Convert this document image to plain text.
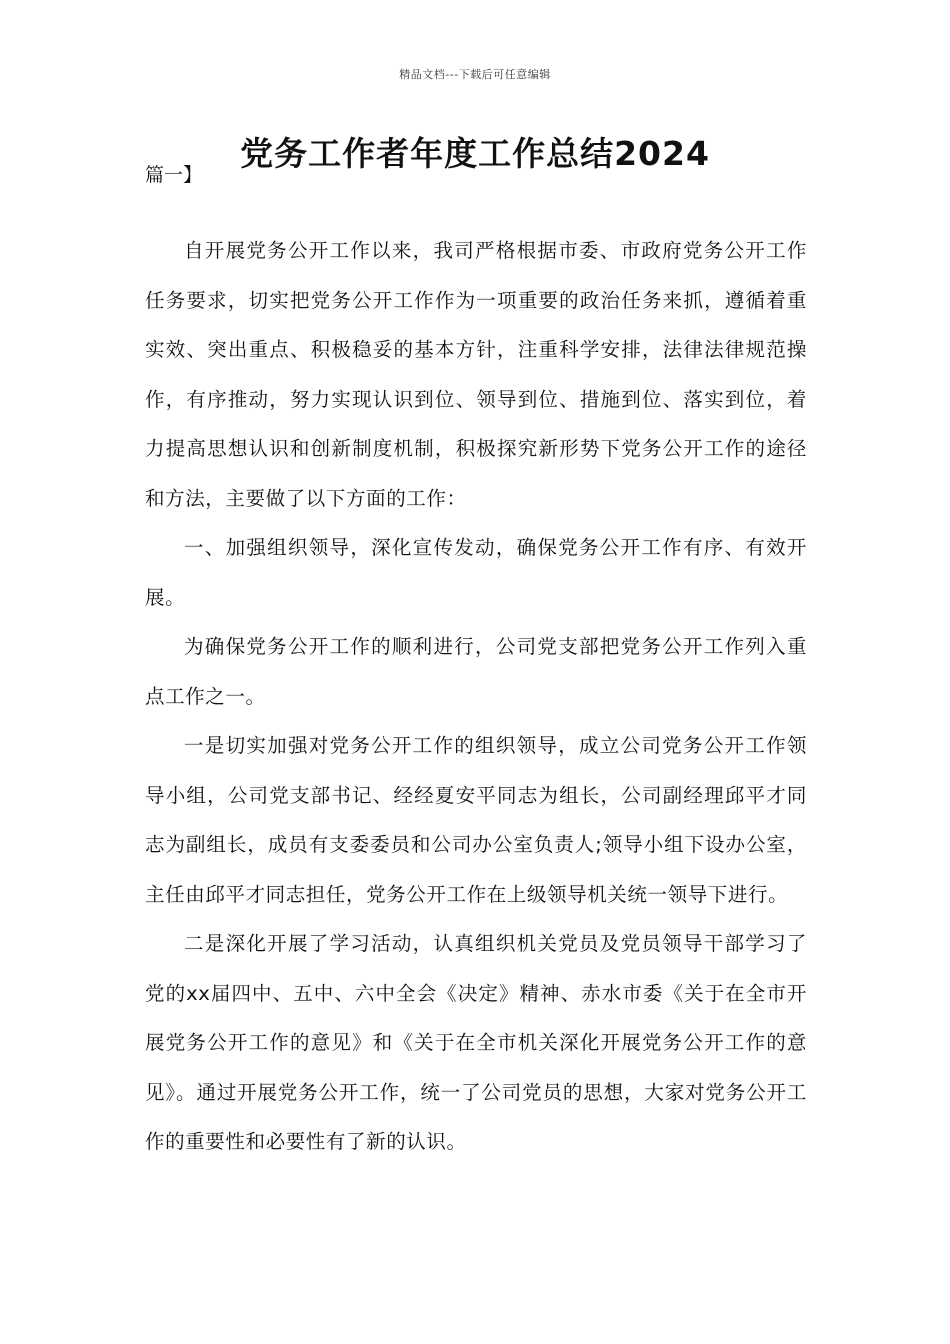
精品文档---下载后可任意编辑
党务工作者年度工作总结2024
篇一】

自开展党务公开工作以来，我司严格根据市委、市政府党务公开工作任务要求，切实把党务公开工作作为一项重要的政治任务来抓，遵循着重实效、突出重点、积极稳妥的基本方针，注重科学安排，法律法律规范操作，有序推动，努力实现认识到位、领导到位、措施到位、落实到位，着力提高思想认识和创新制度机制，积极探究新形势下党务公开工作的途径和方法，主要做了以下方面的工作：

一、加强组织领导，深化宣传发动，确保党务公开工作有序、有效开展。

为确保党务公开工作的顺利进行，公司党支部把党务公开工作列入重点工作之一。

一是切实加强对党务公开工作的组织领导，成立公司党务公开工作领导小组，公司党支部书记、经经夏安平同志为组长，公司副经理邱平才同志为副组长，成员有支委委员和公司办公室负责人;领导小组下设办公室，主任由邱平才同志担任，党务公开工作在上级领导机关统一领导下进行。

二是深化开展了学习活动，认真组织机关党员及党员领导干部学习了党的xx届四中、五中、六中全会《决定》精神、赤水市委《关于在全市开展党务公开工作的意见》和《关于在全市机关深化开展党务公开工作的意见》。通过开展党务公开工作，统一了公司党员的思想，大家对党务公开工作的重要性和必要性有了新的认识。
